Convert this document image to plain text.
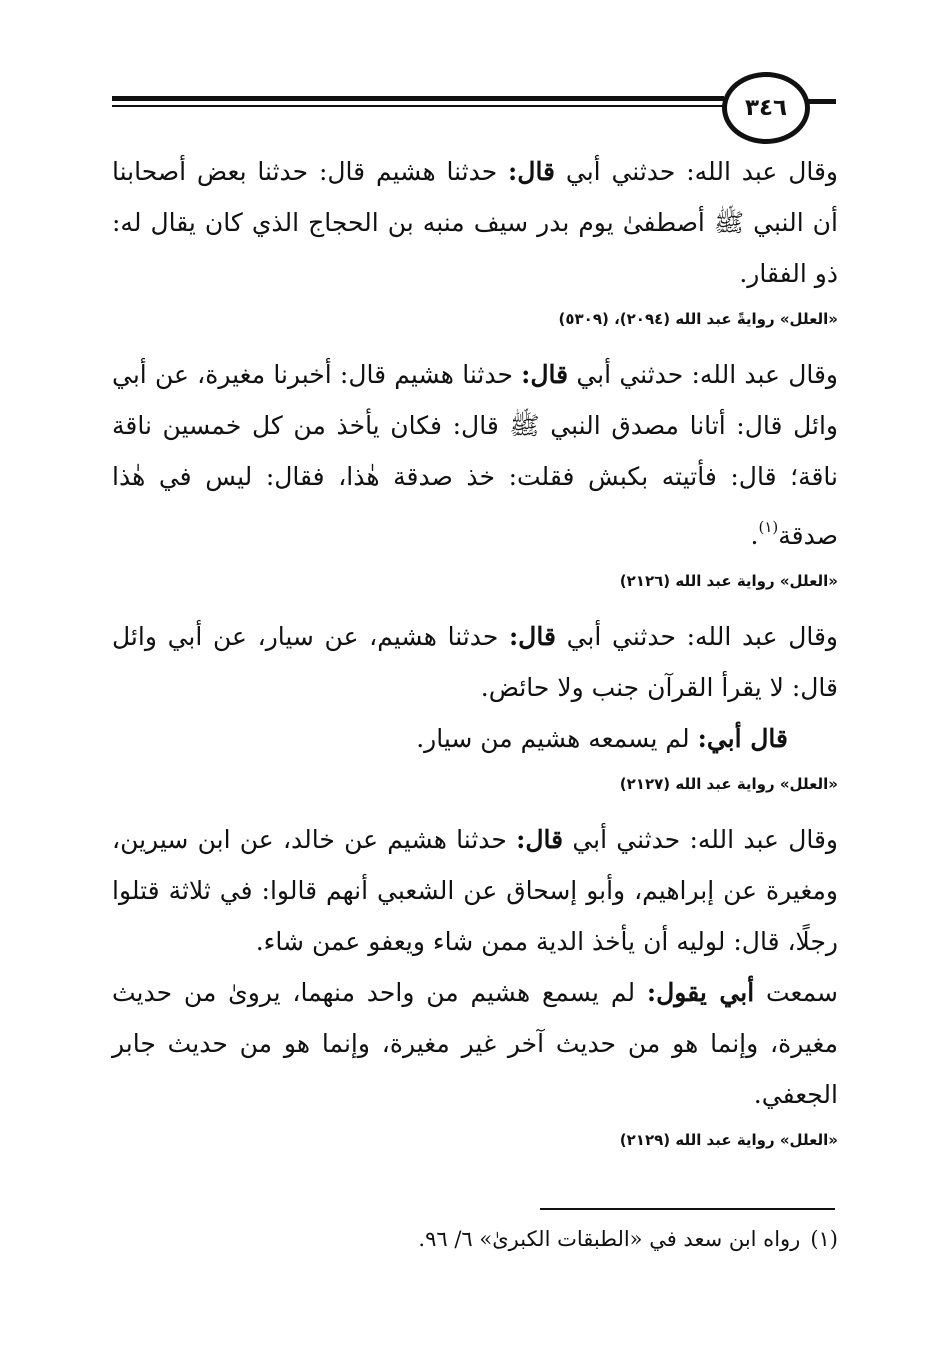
٣٤٦

وقال عبد الله: حدثني أبي قال: حدثنا هشيم قال: حدثنا بعض أصحابنا أن النبي ﷺ أصطفىٰ يوم بدر سيف منبه بن الحجاج الذي كان يقال له: ذو الفقار.

«العلل» روايةً عبد الله (٢٠٩٤)، (٥٣٠٩)

وقال عبد الله: حدثني أبي قال: حدثنا هشيم قال: أخبرنا مغيرة، عن أبي وائل قال: أتانا مصدق النبي ﷺ قال: فكان يأخذ من كل خمسين ناقة ناقة؛ قال: فأتيته بكبش فقلت: خذ صدقة هٰذا، فقال: ليس في هٰذا صدقة$^{(١)}$.

«العلل» رواية عبد الله (٢١٢٦)

وقال عبد الله: حدثني أبي قال: حدثنا هشيم، عن سيار، عن أبي وائل قال: لا يقرأ القرآن جنب ولا حائض.

قال أبي: لم يسمعه هشيم من سيار.

«العلل» رواية عبد الله (٢١٢٧)

وقال عبد الله: حدثني أبي قال: حدثنا هشيم عن خالد، عن ابن سيرين، ومغيرة عن إبراهيم، وأبو إسحاق عن الشعبي أنهم قالوا: في ثلاثة قتلوا رجلًا، قال: لوليه أن يأخذ الدية ممن شاء ويعفو عمن شاء.

سمعت أبي يقول: لم يسمع هشيم من واحد منهما، يروىٰ من حديث مغيرة، وإنما هو من حديث آخر غير مغيرة، وإنما هو من حديث جابر الجعفي.

«العلل» رواية عبد الله (٢١٢٩)
(١)رواه ابن سعد في «الطبقات الكبرىٰ» ٦/ ٩٦.
